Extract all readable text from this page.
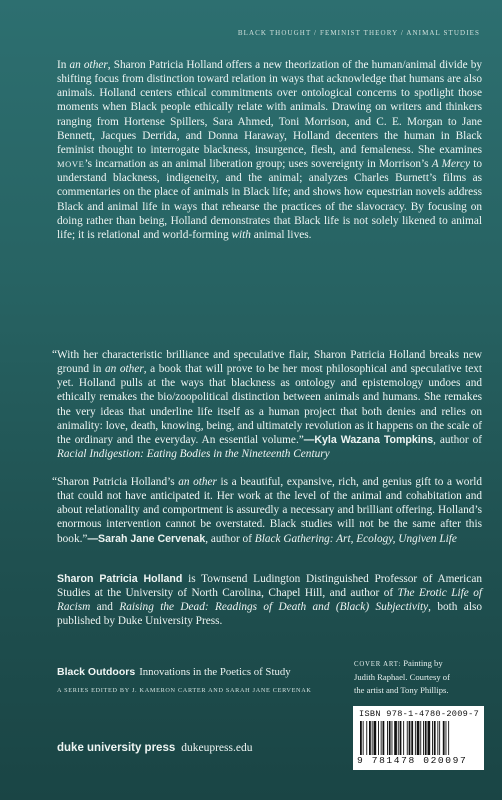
BLACK THOUGHT / FEMINIST THEORY / ANIMAL STUDIES
In an other, Sharon Patricia Holland offers a new theorization of the human/animal divide by shifting focus from distinction toward relation in ways that acknowledge that humans are also animals. Holland centers ethical commitments over ontological concerns to spotlight those moments when Black people ethically relate with animals. Drawing on writers and thinkers ranging from Hortense Spillers, Sara Ahmed, Toni Morrison, and C. E. Morgan to Jane Bennett, Jacques Derrida, and Donna Haraway, Holland decenters the human in Black feminist thought to interrogate blackness, insurgence, flesh, and femaleness. She examines MOVE’s incarnation as an animal liberation group; uses sovereignty in Morrison’s A Mercy to understand blackness, indigeneity, and the animal; analyzes Charles Burnett’s films as commentaries on the place of animals in Black life; and shows how equestrian novels address Black and animal life in ways that rehearse the practices of the slavocracy. By focusing on doing rather than being, Holland demonstrates that Black life is not solely likened to animal life; it is relational and world-forming with animal lives.
“With her characteristic brilliance and speculative flair, Sharon Patricia Holland breaks new ground in an other, a book that will prove to be her most philosophical and speculative text yet. Holland pulls at the ways that blackness as ontology and epistemology undoes and ethically remakes the bio/zoopolitical distinction between animals and humans. She remakes the very ideas that underline life itself as a human project that both denies and relies on animality: love, death, knowing, being, and ultimately revolution as it happens on the scale of the ordinary and the everyday. An essential volume.”—Kyla Wazana Tompkins, author of Racial Indigestion: Eating Bodies in the Nineteenth Century
“Sharon Patricia Holland’s an other is a beautiful, expansive, rich, and genius gift to a world that could not have anticipated it. Her work at the level of the animal and cohabitation and about relationality and comportment is assuredly a necessary and brilliant offering. Holland’s enormous intervention cannot be overstated. Black studies will not be the same after this book.”—Sarah Jane Cervenak, author of Black Gathering: Art, Ecology, Ungiven Life
Sharon Patricia Holland is Townsend Ludington Distinguished Professor of American Studies at the University of North Carolina, Chapel Hill, and author of The Erotic Life of Racism and Raising the Dead: Readings of Death and (Black) Subjectivity, both also published by Duke University Press.
Black Outdoors Innovations in the Poetics of Study
A SERIES EDITED BY J. KAMERON CARTER AND SARAH JANE CERVENAK
COVER ART: Painting by
Judith Raphael. Courtesy of
the artist and Tony Phillips.
ISBN 978-1-4780-2009-7
9 781478 020097
duke university press dukeupress.edu
